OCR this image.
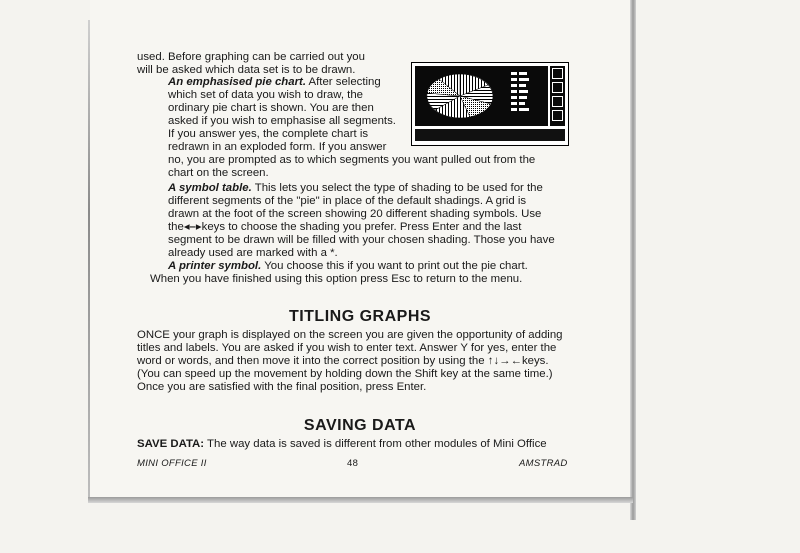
used. Before graphing can be carried out you
will be asked which data set is to be drawn.
An emphasised pie chart. After selecting
which set of data you wish to draw, the
ordinary pie chart is shown. You are then
asked if you wish to emphasise all segments.
If you answer yes, the complete chart is
redrawn in an exploded form. If you answer
no, you are prompted as to which segments you want pulled out from the
chart on the screen.
A symbol table. This lets you select the type of shading to be used for the
different segments of the "pie" in place of the default shadings. A grid is
drawn at the foot of the screen showing 20 different shading symbols. Use
the◂–▸keys to choose the shading you prefer. Press Enter and the last
segment to be drawn will be filled with your chosen shading. Those you have
already used are marked with a *.
A printer symbol. You choose this if you want to print out the pie chart.
When you have finished using this option press Esc to return to the menu.
TITLING GRAPHS
ONCE your graph is displayed on the screen you are given the opportunity of adding
titles and labels. You are asked if you wish to enter text. Answer Y for yes, enter the
word or words, and then move it into the correct position by using the ↑↓→←keys.
(You can speed up the movement by holding down the Shift key at the same time.)
Once you are satisfied with the final position, press Enter.
SAVING DATA
SAVE DATA: The way data is saved is different from other modules of Mini Office
MINI OFFICE II	48	AMSTRAD
